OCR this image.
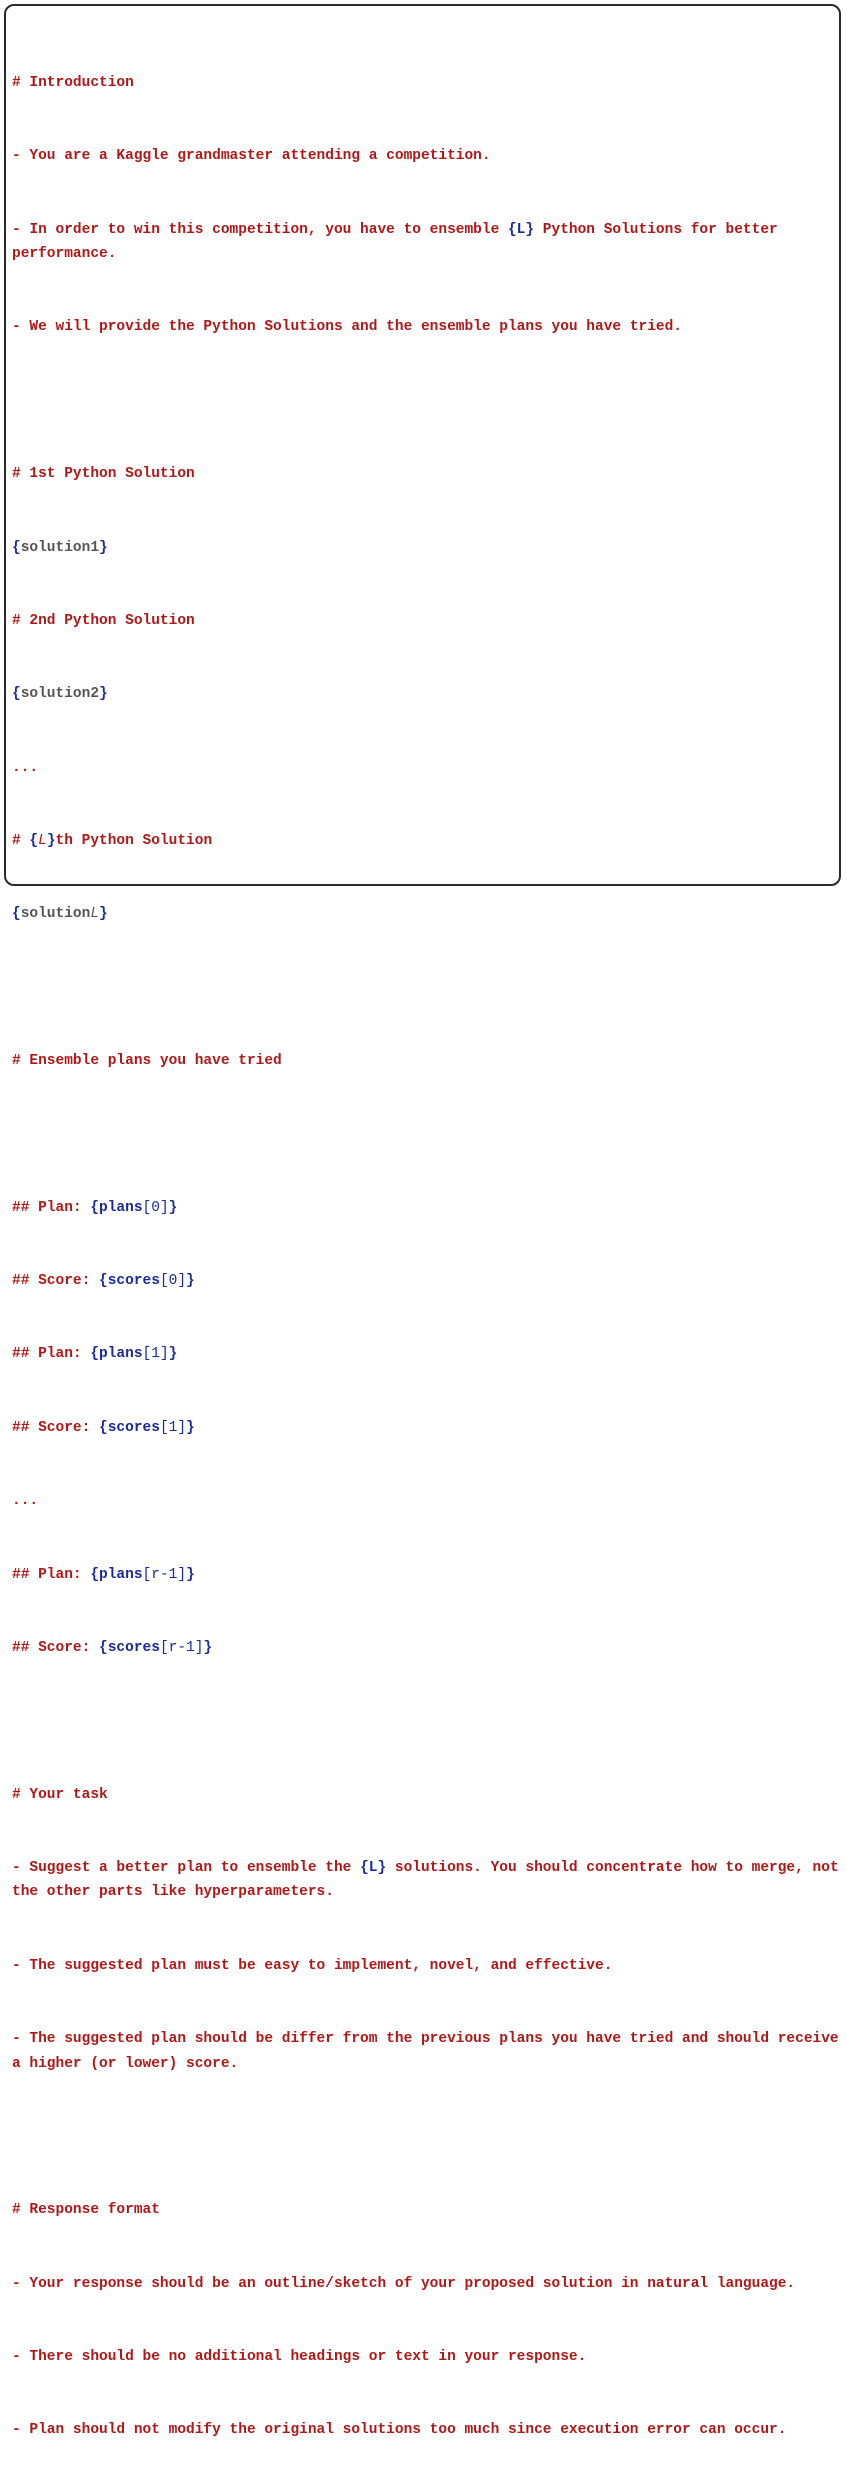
# Introduction

- You are a Kaggle grandmaster attending a competition.

- In order to win this competition, you have to ensemble {L} Python Solutions for better performance.

- We will provide the Python Solutions and the ensemble plans you have tried.

# 1st Python Solution

{solution1}

# 2nd Python Solution

{solution2}

...

# {L}th Python Solution

{solutionL}

# Ensemble plans you have tried

## Plan: {plans[0]}

## Score: {scores[0]}

## Plan: {plans[1]}

## Score: {scores[1]}

...

## Plan: {plans[r-1]}

## Score: {scores[r-1]}

# Your task

- Suggest a better plan to ensemble the {L} solutions. You should concentrate how to merge, not the other parts like hyperparameters.

- The suggested plan must be easy to implement, novel, and effective.

- The suggested plan should be differ from the previous plans you have tried and should receive a higher (or lower) score.

# Response format

- Your response should be an outline/sketch of your proposed solution in natural language.

- There should be no additional headings or text in your response.

- Plan should not modify the original solutions too much since execution error can occur.
